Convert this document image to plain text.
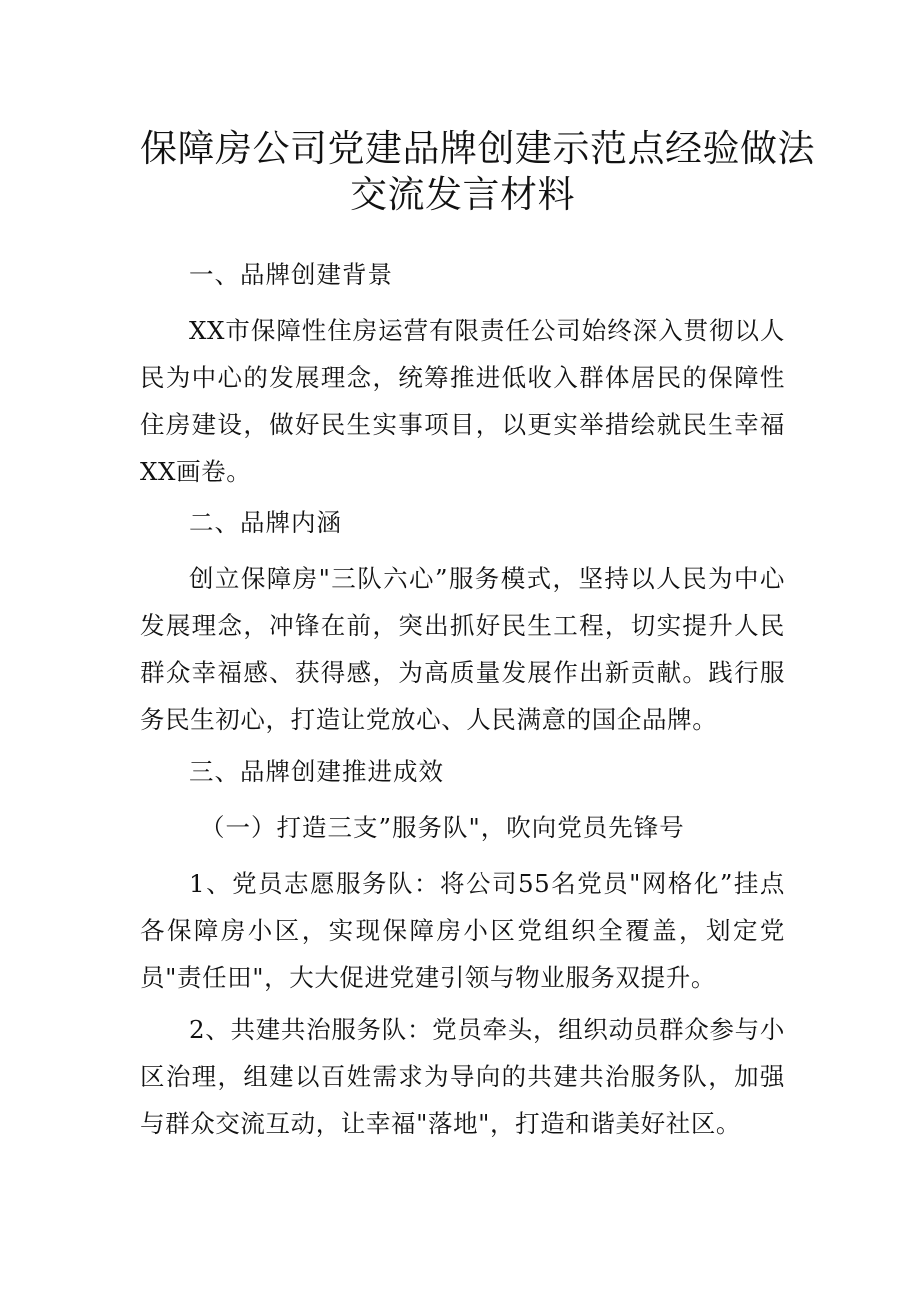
保障房公司党建品牌创建示范点经验做法
交流发言材料
一、品牌创建背景

XX市保障性住房运营有限责任公司始终深入贯彻以人民为中心的发展理念，统筹推进低收入群体居民的保障性住房建设，做好民生实事项目，以更实举措绘就民生幸福XX画卷。

二、品牌内涵

创立保障房"三队六心”服务模式，坚持以人民为中心发展理念，冲锋在前，突出抓好民生工程，切实提升人民群众幸福感、获得感，为高质量发展作出新贡献。践行服务民生初心，打造让党放心、人民满意的国企品牌。

三、品牌创建推进成效
（一）打造三支”服务队"，吹向党员先锋号

1、党员志愿服务队：将公司55名党员"网格化”挂点各保障房小区，实现保障房小区党组织全覆盖，划定党员"责任田"，大大促进党建引领与物业服务双提升。

2、共建共治服务队：党员牵头，组织动员群众参与小区治理，组建以百姓需求为导向的共建共治服务队，加强与群众交流互动，让幸福"落地"，打造和谐美好社区。
